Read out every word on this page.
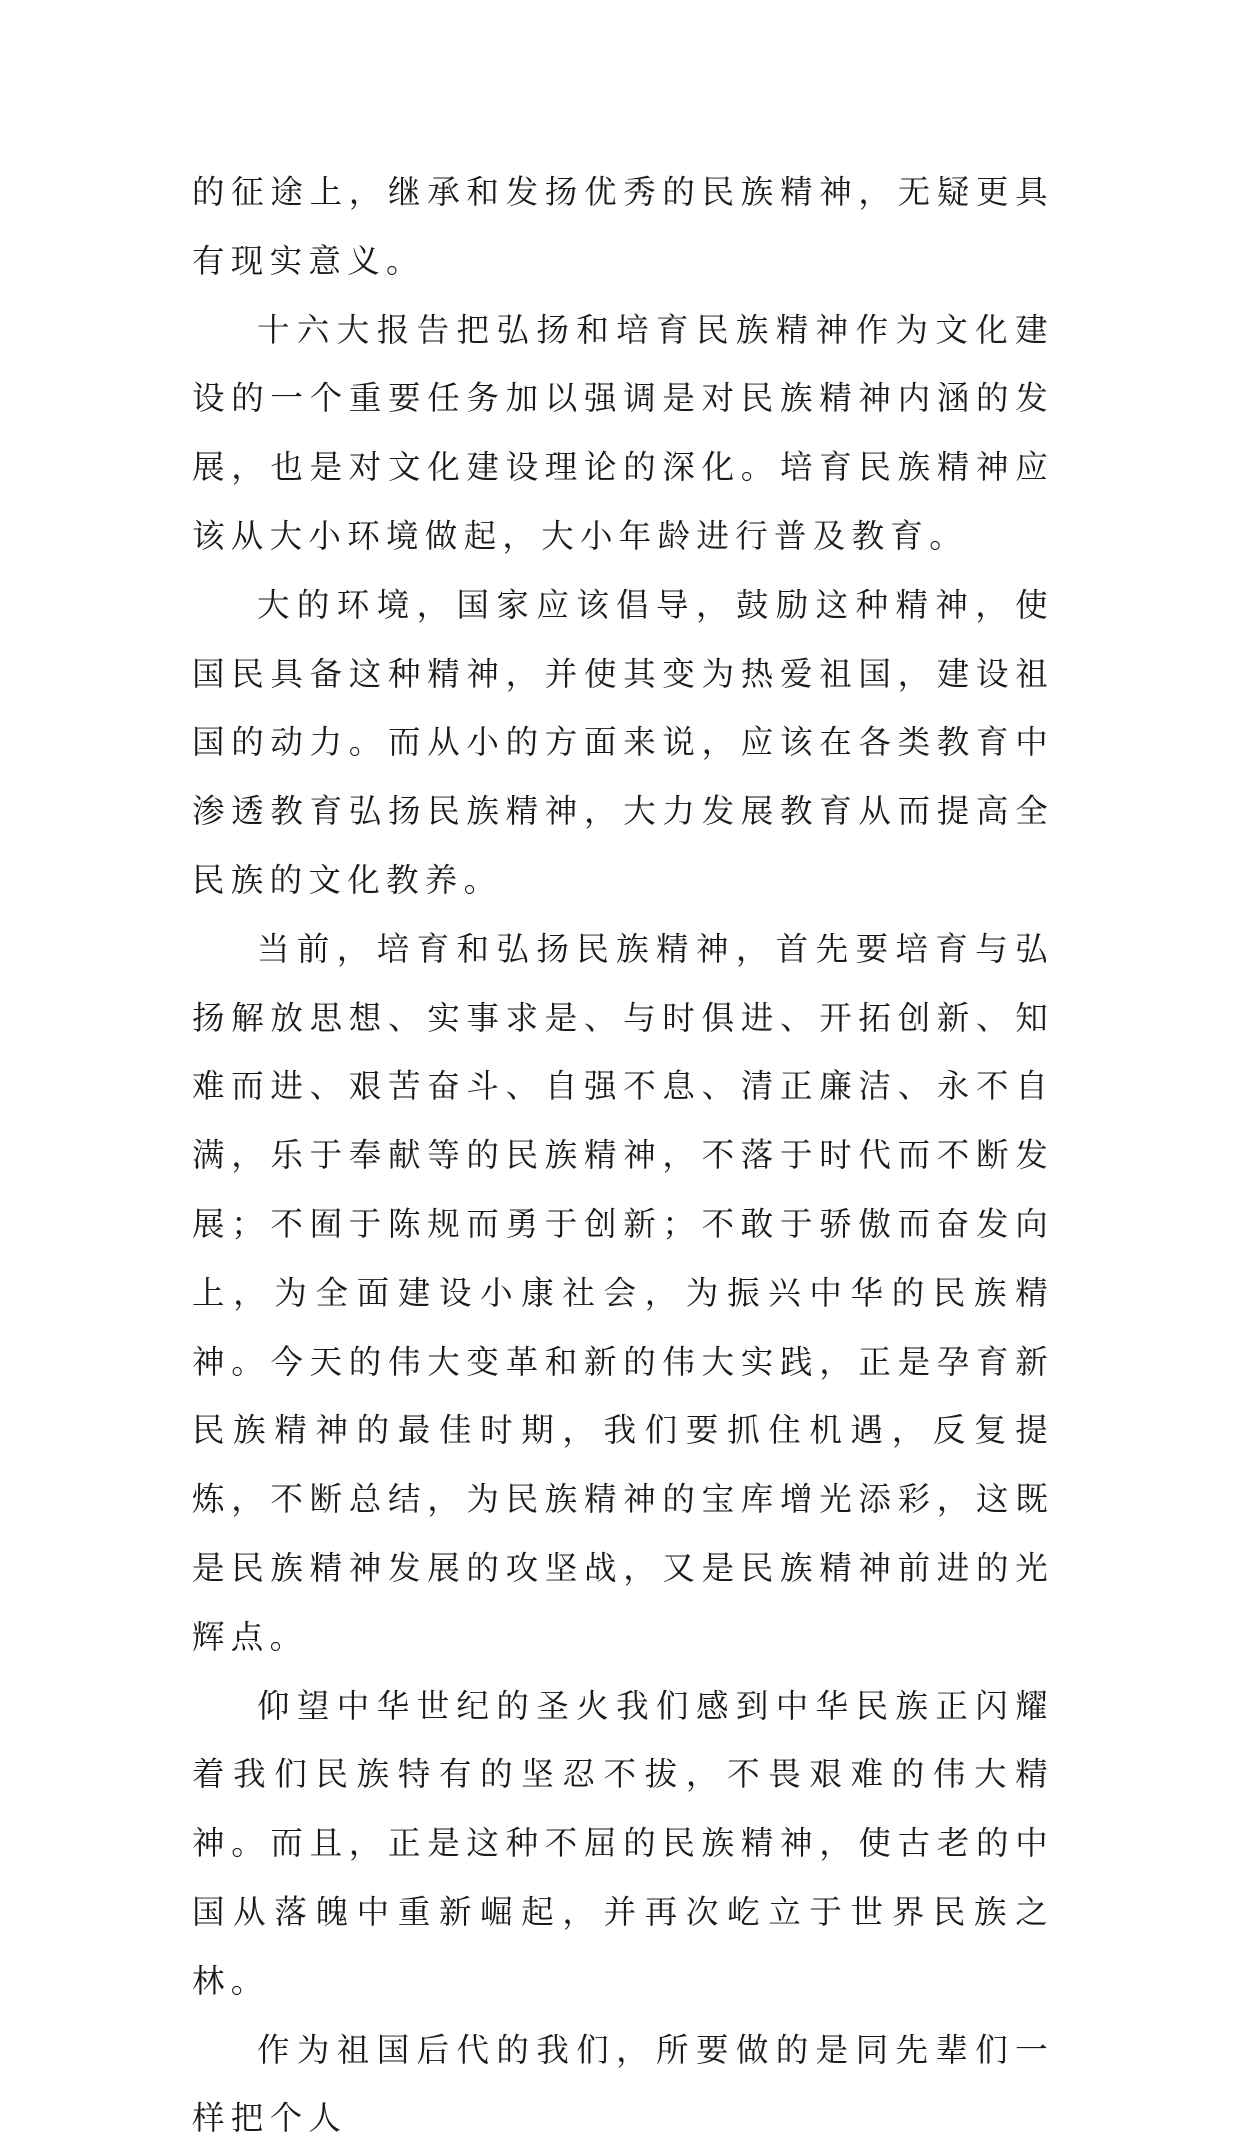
的征途上，继承和发扬优秀的民族精神，无疑更具有现实意义。

十六大报告把弘扬和培育民族精神作为文化建设的一个重要任务加以强调是对民族精神内涵的发展，也是对文化建设理论的深化。培育民族精神应该从大小环境做起，大小年龄进行普及教育。

大的环境，国家应该倡导，鼓励这种精神，使国民具备这种精神，并使其变为热爱祖国，建设祖国的动力。而从小的方面来说，应该在各类教育中渗透教育弘扬民族精神，大力发展教育从而提高全民族的文化教养。

当前，培育和弘扬民族精神，首先要培育与弘扬解放思想、实事求是、与时俱进、开拓创新、知难而进、艰苦奋斗、自强不息、清正廉洁、永不自满，乐于奉献等的民族精神，不落于时代而不断发展；不囿于陈规而勇于创新；不敢于骄傲而奋发向上，为全面建设小康社会，为振兴中华的民族精神。今天的伟大变革和新的伟大实践，正是孕育新民族精神的最佳时期，我们要抓住机遇，反复提炼，不断总结，为民族精神的宝库增光添彩，这既是民族精神发展的攻坚战，又是民族精神前进的光辉点。

仰望中华世纪的圣火我们感到中华民族正闪耀着我们民族特有的坚忍不拔，不畏艰难的伟大精神。而且，正是这种不屈的民族精神，使古老的中国从落魄中重新崛起，并再次屹立于世界民族之林。

作为祖国后代的我们，所要做的是同先辈们一样把个人
